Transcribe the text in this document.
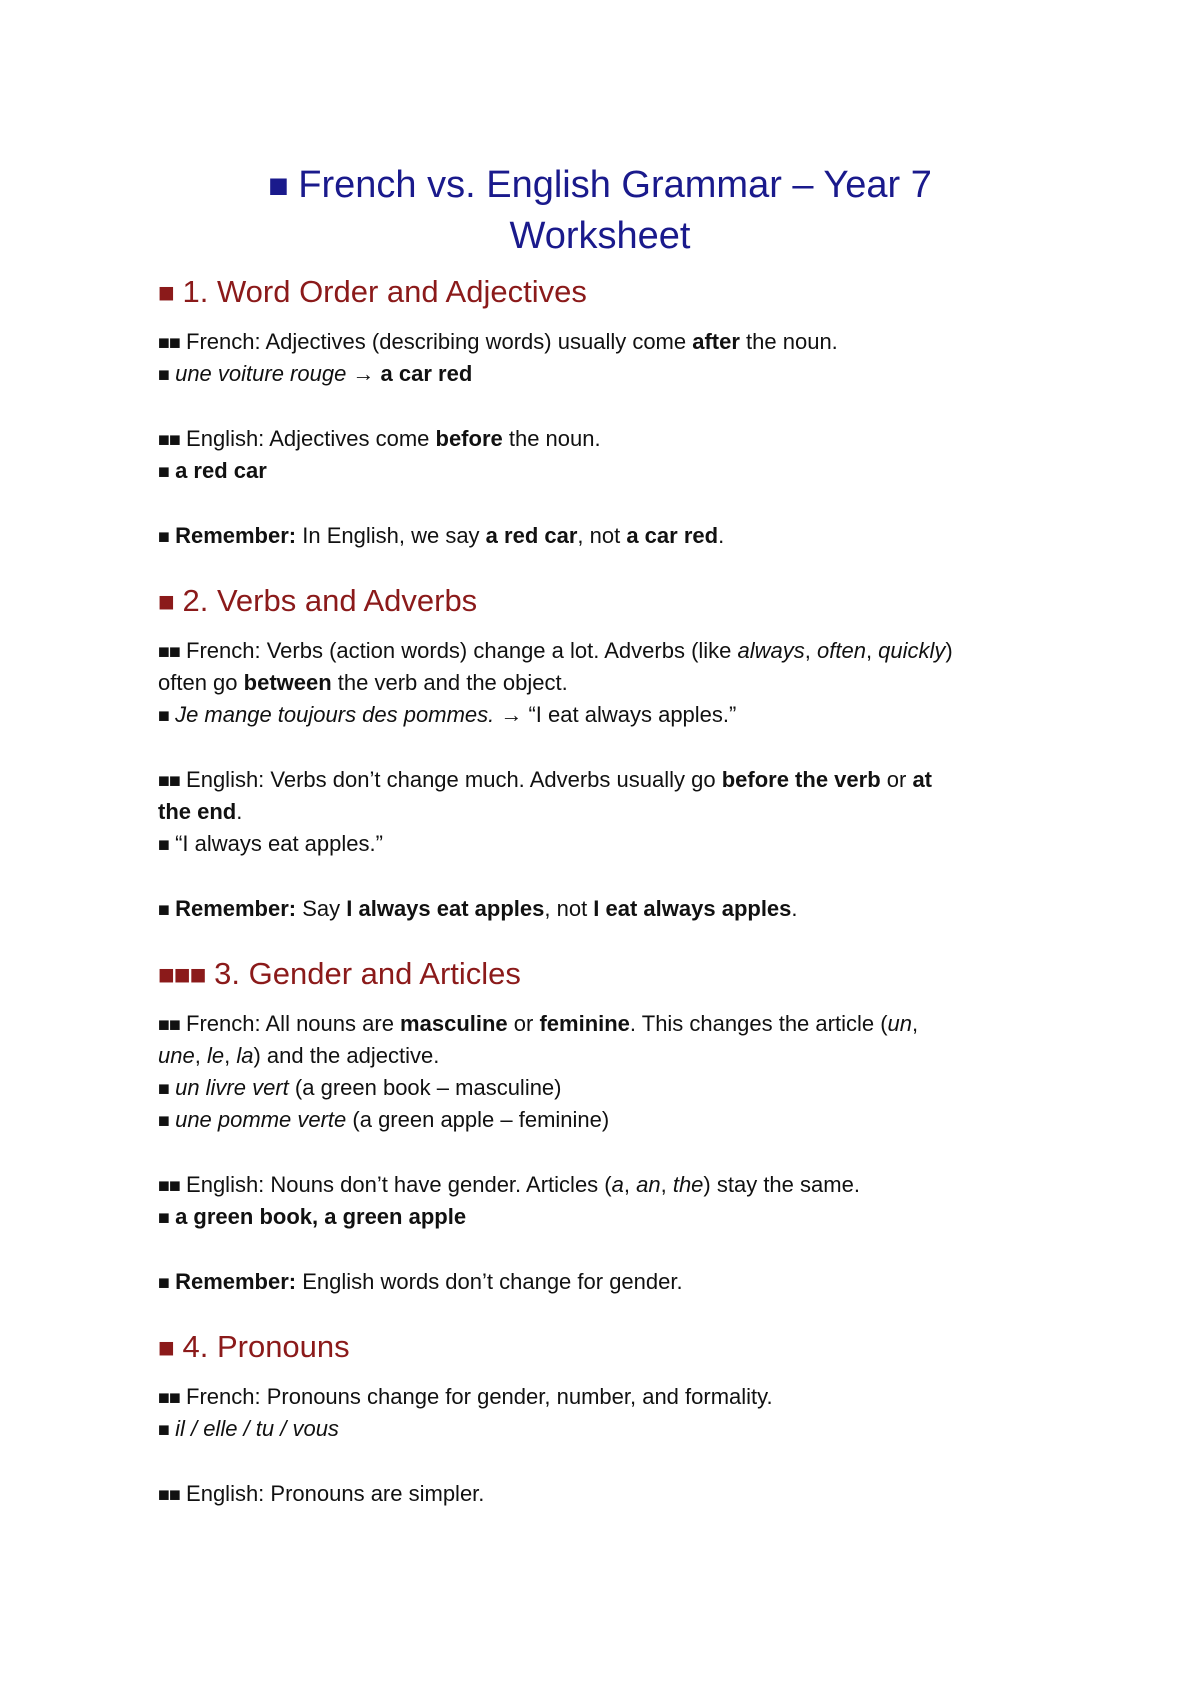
■ French vs. English Grammar – Year 7
Worksheet
■ 1. Word Order and Adjectives

■■ French: Adjectives (describing words) usually come after the noun.

■ une voiture rouge → a car red

■■ English: Adjectives come before the noun.

■ a red car

■ Remember: In English, we say a red car, not a car red.

■ 2. Verbs and Adverbs

■■ French: Verbs (action words) change a lot. Adverbs (like always, often, quickly)

often go between the verb and the object.

■ Je mange toujours des pommes. → “I eat always apples.”

■■ English: Verbs don’t change much. Adverbs usually go before the verb or at

the end.

■ “I always eat apples.”

■ Remember: Say I always eat apples, not I eat always apples.

■■■ 3. Gender and Articles

■■ French: All nouns are masculine or feminine. This changes the article (un,

une, le, la) and the adjective.

■ un livre vert (a green book – masculine)

■ une pomme verte (a green apple – feminine)

■■ English: Nouns don’t have gender. Articles (a, an, the) stay the same.

■ a green book, a green apple

■ Remember: English words don’t change for gender.

■ 4. Pronouns

■■ French: Pronouns change for gender, number, and formality.

■ il / elle / tu / vous

■■ English: Pronouns are simpler.
